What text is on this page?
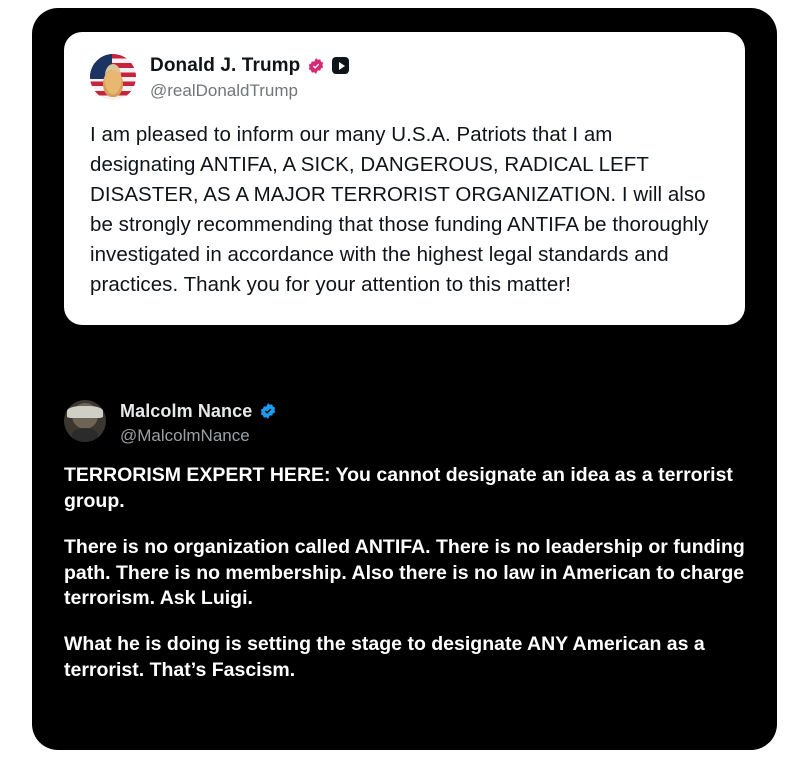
Donald J. Trump
@realDonaldTrump
I am pleased to inform our many U.S.A. Patriots that I am designating ANTIFA, A SICK, DANGEROUS, RADICAL LEFT DISASTER, AS A MAJOR TERRORIST ORGANIZATION. I will also be strongly recommending that those funding ANTIFA be thoroughly investigated in accordance with the highest legal standards and practices. Thank you for your attention to this matter!
Malcolm Nance
@MalcolmNance

TERRORISM EXPERT HERE: You cannot designate an idea as a terrorist group.

There is no organization called ANTIFA. There is no leadership or funding path. There is no membership. Also there is no law in American to charge terrorism. Ask Luigi.

What he is doing is setting the stage to designate ANY American as a terrorist. That’s Fascism.
